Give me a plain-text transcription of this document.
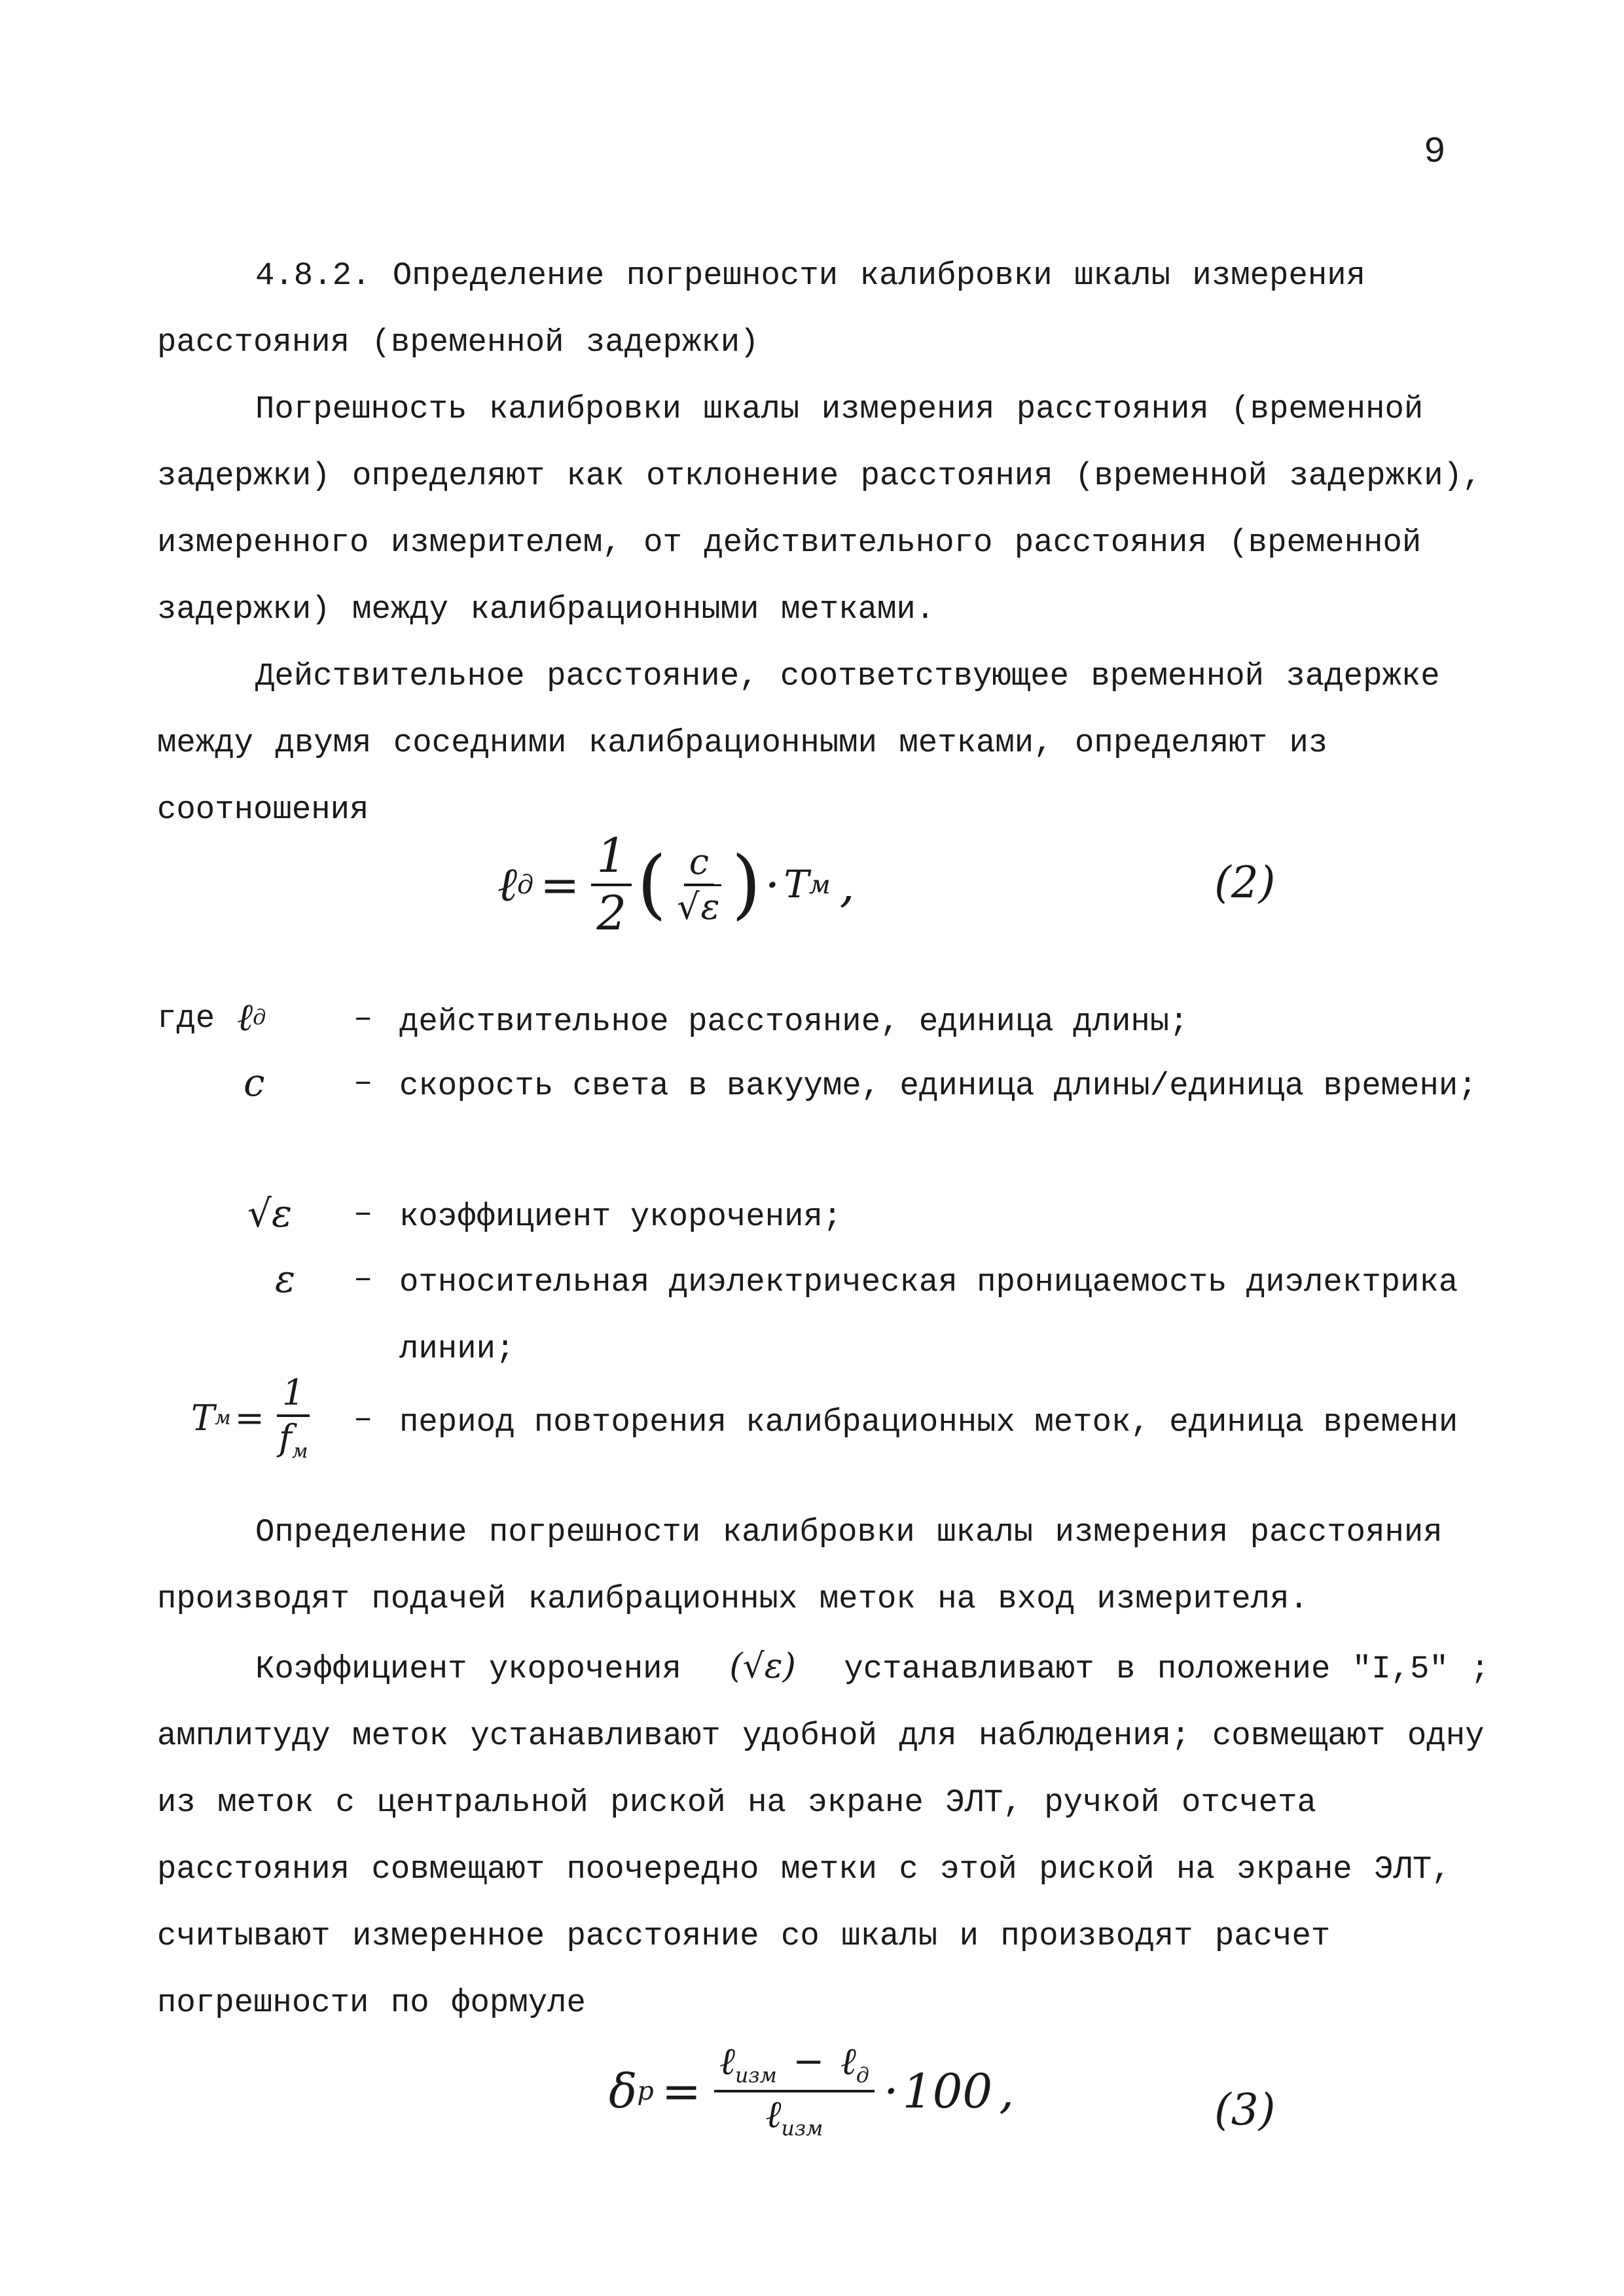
9

4.8.2. Определение погрешности калибровки шкалы измерения расстояния (временной задержки)

Погрешность калибровки шкалы измерения расстояния (временной задержки) определяют как отклонение расстояния (временной задержки), измеренного измерителем, от действительного расстояния (временной задержки) между калибрационными метками.

Действительное расстояние, соответствующее временной задержке между двумя соседними калибрационными метками, определяют из соотношения

ℓ $д = \frac{1}{2}$ ( $\frac{c}{√\varepsilon}$ ) · T м ,	(2)
где ℓ д	– действительное расстояние, единица длины;

c	– скорость света в вакууме, единица длины/единица времени;

√ε – коэффициент укорочения;

ε – относительная диэлектрическая проницаемость диэлектрика линии;

T $м = \frac{1}{f_м}$ – период повторения калибрационных меток, единица времени

Определение погрешности калибровки шкалы измерения расстояния производят подачей калибрационных меток на вход измерителя.

Коэффициент укорочения (√ε) устанавливают в положение "I,5" ; амплитуду меток устанавливают удобной для наблюдения; совмещают одну из меток с центральной риской на экране ЭЛТ, ручкой отсчета расстояния совмещают поочередно метки с этой риской на экране ЭЛТ, считывают измеренное расстояние со шкалы и производят расчет погрешности по формуле

δ $р = \frac{\ell_{изм} - \ell_д}{\ell_{изм}} \cdot 100$ ,	(3)
